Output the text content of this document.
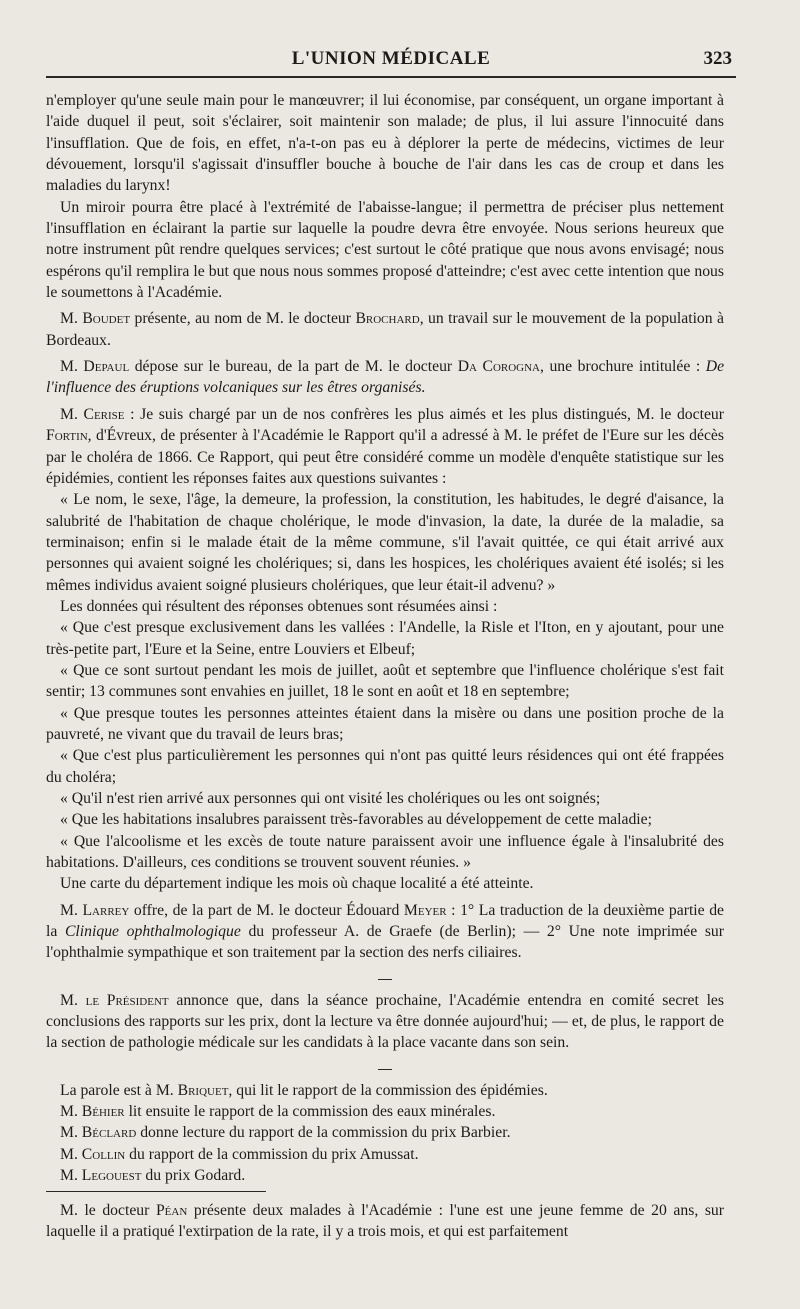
L'UNION MÉDICALE	323

n'employer qu'une seule main pour le manœuvrer; il lui économise, par conséquent, un organe important à l'aide duquel il peut, soit s'éclairer, soit maintenir son malade; de plus, il lui assure l'innocuité dans l'insufflation. Que de fois, en effet, n'a-t-on pas eu à déplorer la perte de médecins, victimes de leur dévouement, lorsqu'il s'agissait d'insuffler bouche à bouche de l'air dans les cas de croup et dans les maladies du larynx!

Un miroir pourra être placé à l'extrémité de l'abaisse-langue; il permettra de préciser plus nettement l'insufflation en éclairant la partie sur laquelle la poudre devra être envoyée. Nous serions heureux que notre instrument pût rendre quelques services; c'est surtout le côté pratique que nous avons envisagé; nous espérons qu'il remplira le but que nous nous sommes proposé d'atteindre; c'est avec cette intention que nous le soumettons à l'Académie.

M. Boudet présente, au nom de M. le docteur Brochard, un travail sur le mouvement de la population à Bordeaux.

M. Depaul dépose sur le bureau, de la part de M. le docteur Da Corogna, une brochure intitulée : De l'influence des éruptions volcaniques sur les êtres organisés.

M. Cerise : Je suis chargé par un de nos confrères les plus aimés et les plus distingués, M. le docteur Fortin, d'Évreux, de présenter à l'Académie le Rapport qu'il a adressé à M. le préfet de l'Eure sur les décès par le choléra de 1866. Ce Rapport, qui peut être considéré comme un modèle d'enquête statistique sur les épidémies, contient les réponses faites aux questions suivantes :

« Le nom, le sexe, l'âge, la demeure, la profession, la constitution, les habitudes, le degré d'aisance, la salubrité de l'habitation de chaque cholérique, le mode d'invasion, la date, la durée de la maladie, sa terminaison; enfin si le malade était de la même commune, s'il l'avait quittée, ce qui était arrivé aux personnes qui avaient soigné les cholériques; si, dans les hospices, les cholériques avaient été isolés; si les mêmes individus avaient soigné plusieurs cholériques, que leur était-il advenu? »

Les données qui résultent des réponses obtenues sont résumées ainsi :

« Que c'est presque exclusivement dans les vallées : l'Andelle, la Risle et l'Iton, en y ajoutant, pour une très-petite part, l'Eure et la Seine, entre Louviers et Elbeuf;

« Que ce sont surtout pendant les mois de juillet, août et septembre que l'influence cholérique s'est fait sentir; 13 communes sont envahies en juillet, 18 le sont en août et 18 en septembre;

« Que presque toutes les personnes atteintes étaient dans la misère ou dans une position proche de la pauvreté, ne vivant que du travail de leurs bras;

« Que c'est plus particulièrement les personnes qui n'ont pas quitté leurs résidences qui ont été frappées du choléra;

« Qu'il n'est rien arrivé aux personnes qui ont visité les cholériques ou les ont soignés;

« Que les habitations insalubres paraissent très-favorables au développement de cette maladie;

« Que l'alcoolisme et les excès de toute nature paraissent avoir une influence égale à l'insalubrité des habitations. D'ailleurs, ces conditions se trouvent souvent réunies. »

Une carte du département indique les mois où chaque localité a été atteinte.

M. Larrey offre, de la part de M. le docteur Édouard Meyer : 1° La traduction de la deuxième partie de la Clinique ophthalmologique du professeur A. de Graefe (de Berlin); — 2° Une note imprimée sur l'ophthalmie sympathique et son traitement par la section des nerfs ciliaires.

M. le Président annonce que, dans la séance prochaine, l'Académie entendra en comité secret les conclusions des rapports sur les prix, dont la lecture va être donnée aujourd'hui; — et, de plus, le rapport de la section de pathologie médicale sur les candidats à la place vacante dans son sein.

La parole est à M. Briquet, qui lit le rapport de la commission des épidémies.

M. Béhier lit ensuite le rapport de la commission des eaux minérales.

M. Béclard donne lecture du rapport de la commission du prix Barbier.

M. Collin du rapport de la commission du prix Amussat.

M. Legouest du prix Godard.

M. le docteur Péan présente deux malades à l'Académie : l'une est une jeune femme de 20 ans, sur laquelle il a pratiqué l'extirpation de la rate, il y a trois mois, et qui est parfaitement
